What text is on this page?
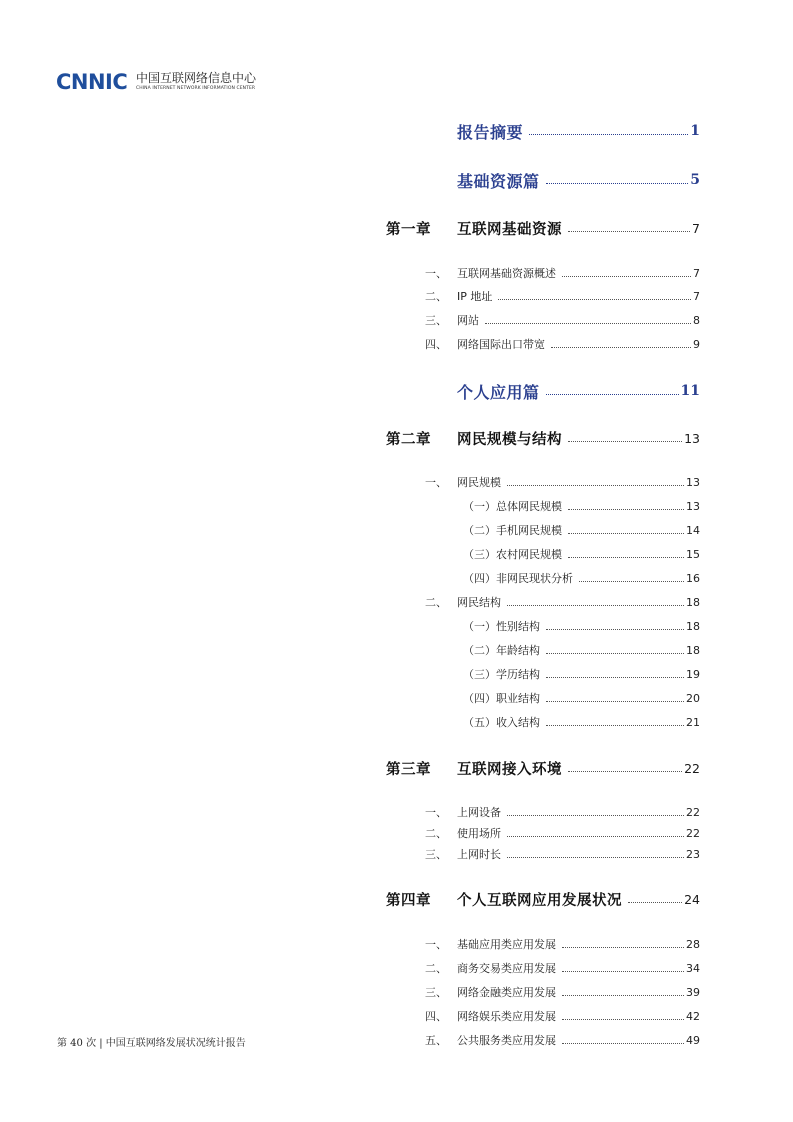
CNNIC 中国互联网络信息中心
CHINA INTERNET NETWORK INFORMATION CENTER
报告摘要	1
基础资源篇	5
第一章	互联网基础资源	7
一、 互联网基础资源概述	7
二、 IP 地址	7
三、 网站	8
四、 网络国际出口带宽	9
个人应用篇	11
第二章	网民规模与结构	13
一、 网民规模	13
（一）总体网民规模	13
（二）手机网民规模	14
（三）农村网民规模	15
（四）非网民现状分析	16
二、 网民结构	18
（一）性别结构	18
（二）年龄结构	18
（三）学历结构	19
（四）职业结构	20
（五）收入结构	21
第三章	互联网接入环境	22
一、 上网设备	22
二、 使用场所	22
三、 上网时长	23
第四章	个人互联网应用发展状况	24
一、 基础应用类应用发展	28
二、 商务交易类应用发展	34
三、 网络金融类应用发展	39
四、 网络娱乐类应用发展	42
五、 公共服务类应用发展	49
第 40 次 | 中国互联网络发展状况统计报告
